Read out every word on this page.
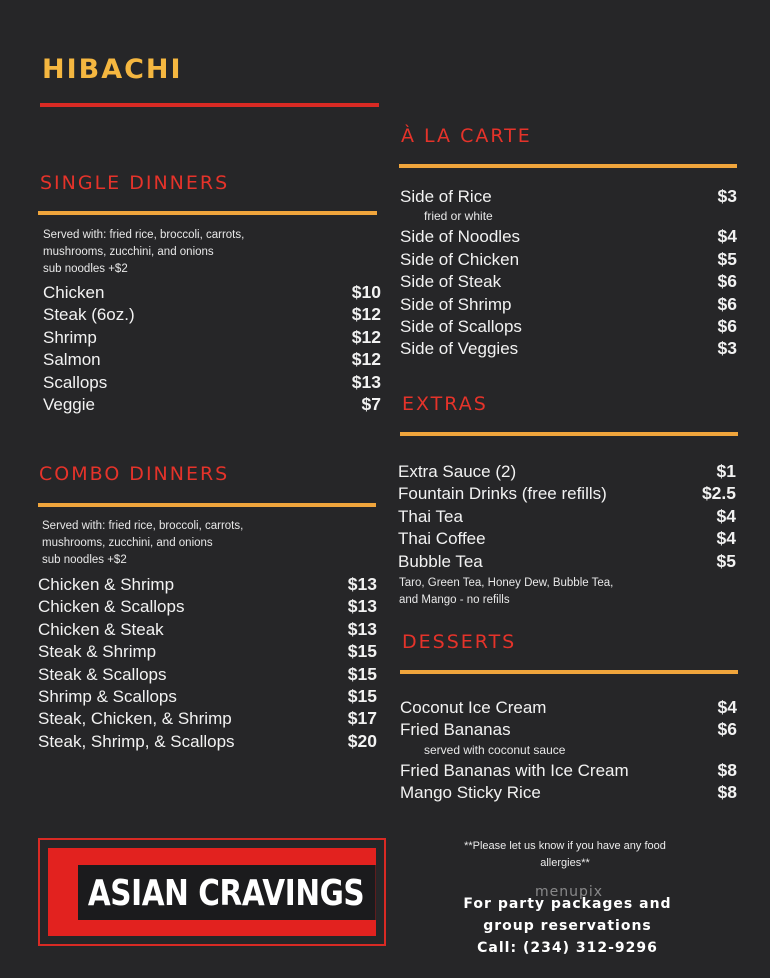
HIBACHI
SINGLE DINNERS
Served with: fried rice, broccoli, carrots,
mushrooms, zucchini, and onions
sub noodles +$2
Chicken	$10
Steak (6oz.)	$12
Shrimp	$12
Salmon	$12
Scallops	$13
Veggie	$7
COMBO DINNERS
Served with: fried rice, broccoli, carrots,
mushrooms, zucchini, and onions
sub noodles +$2
Chicken & Shrimp	$13
Chicken & Scallops	$13
Chicken & Steak	$13
Steak & Shrimp	$15
Steak & Scallops	$15
Shrimp & Scallops	$15
Steak, Chicken, & Shrimp	$17
Steak, Shrimp, & Scallops	$20
À LA CARTE
Side of Rice	$3
fried or white
Side of Noodles	$4
Side of Chicken	$5
Side of Steak	$6
Side of Shrimp	$6
Side of Scallops	$6
Side of Veggies	$3
EXTRAS
Extra Sauce (2)	$1
Fountain Drinks (free refills)	$2.5
Thai Tea	$4
Thai Coffee	$4
Bubble Tea	$5
Taro, Green Tea, Honey Dew, Bubble Tea,
and Mango - no refills
DESSERTS
Coconut Ice Cream	$4
Fried Bananas	$6
served with coconut sauce
Fried Bananas with Ice Cream	$8
Mango Sticky Rice	$8
ASIAN CRAVINGS
**Please let us know if you have any food
allergies**
menupix
For party packages and
group reservations
Call: (234) 312-9296
